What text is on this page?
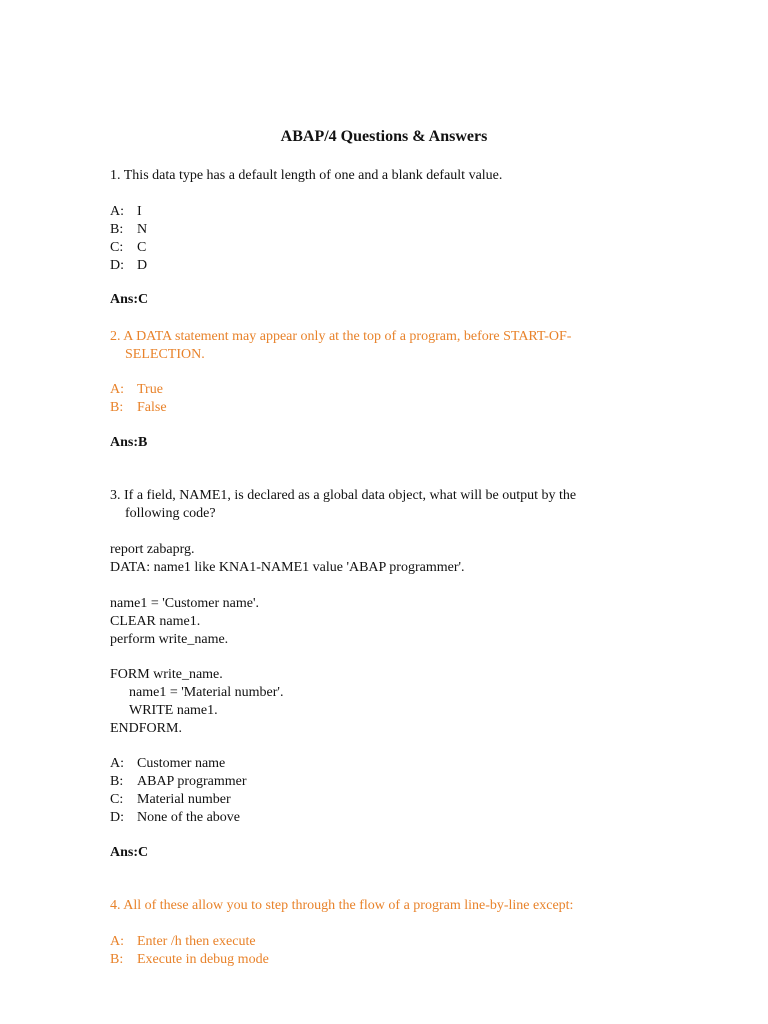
ABAP/4 Questions & Answers
1. This data type has a default length of one and a blank default value.
A: I
B: N
C: C
D: D
Ans:C
2. A DATA statement may appear only at the top of a program, before START-OF-
SELECTION.
A: True
B: False
Ans:B
3. If a field, NAME1, is declared as a global data object, what will be output by the
following code?
report zabaprg.
DATA: name1 like KNA1-NAME1 value 'ABAP programmer'.
name1 = 'Customer name'.
CLEAR name1.
perform write_name.
FORM write_name.
name1 = 'Material number'.
WRITE name1.
ENDFORM.
A: Customer name
B: ABAP programmer
C: Material number
D: None of the above
Ans:C
4. All of these allow you to step through the flow of a program line-by-line except:
A: Enter /h then execute
B: Execute in debug mode
